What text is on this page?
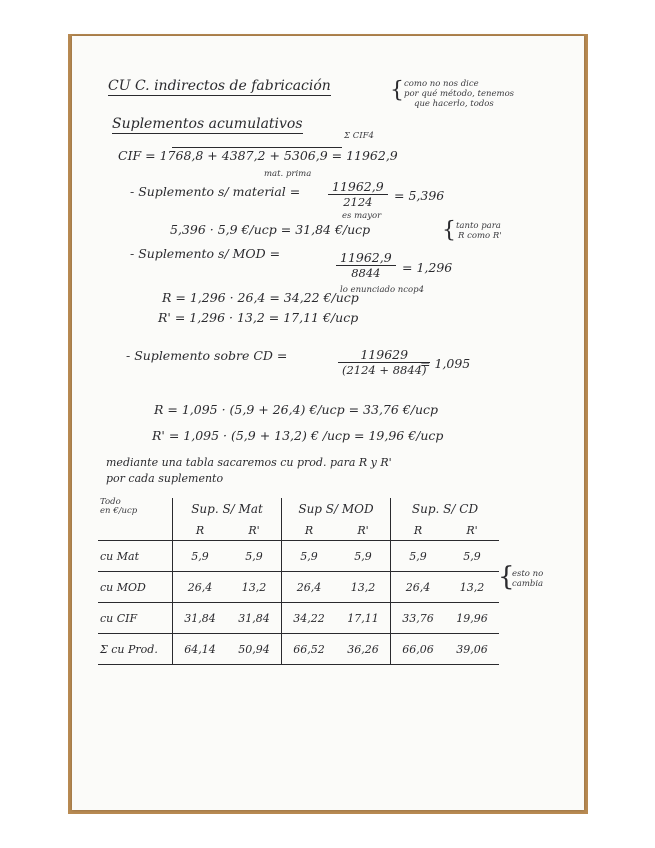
CU C. indirectos de fabricación	{ como no nos dice
por qué método, tenemos
que hacerlo, todos
Suplementos acumulativos
Σ CIF4
CIF = 1768,8 + 4387,2 + 5306,9 = 11962,9
mat. prima
- Suplemento s/ material = $\frac{11962,9}{2124} = 5,396$
es mayor
5,396 · 5,9 €/ucp = 31,84 €/ucp	{ tanto para
R como R'
- Suplemento s/ MOD =	$\frac{11962,9}{8844} = 1,296$
lo enunciado ncop4
R = 1,296 · 26,4 = 34,22 €/ucp
R' = 1,296 · 13,2 = 17,11 €/ucp
- Suplemento sobre CD =	$\frac{119629}{(2124 + 8844)}$
= 1,095
R = 1,095 · (5,9 + 26,4) €/ucp = 33,76 €/ucp
R' = 1,095 · (5,9 + 13,2) € /ucp = 19,96 €/ucp
mediante una tabla sacaremos cu prod. para R y R'
por cada suplemento
Todo
en €/ucp	Sup. S/ Mat		Sup S/ MOD		Sup. S/ CD	
	R	R'	R	R'	R	R'
cu Mat	5,9	5,9	5,9	5,9	5,9	5,9
cu MOD	26,4	13,2	26,4	13,2	26,4	13,2
cu CIF	31,84	31,84	34,22	17,11	33,76	19,96
Σ cu Prod.	64,14	50,94	66,52	36,26	66,06	39,06
{
esto no
cambia
